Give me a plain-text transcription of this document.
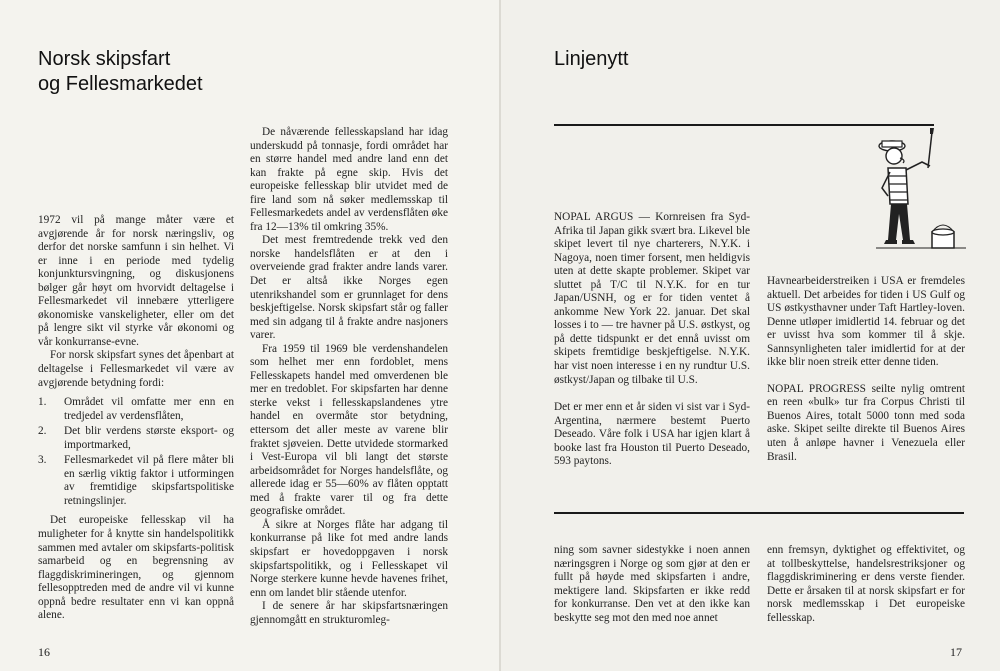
Norsk skipsfart
og Fellesmarkedet

1972 vil på mange måter være et avgjørende år for norsk næringsliv, og derfor det norske samfunn i sin helhet. Vi er inne i en periode med tydelig konjunktursvingning, og diskusjonens bølger går høyt om hvorvidt deltagelse i Fellesmarkedet vil innebære ytterligere økonomiske vanskeligheter, eller om det på lengre sikt vil styrke vår økonomi og vår konkurranse-evne.

For norsk skipsfart synes det åpenbart at deltagelse i Fellesmarkedet vil være av avgjørende betydning fordi:

1. Området vil omfatte mer enn en tredjedel av verdensflåten,
2. Det blir verdens største eksport- og importmarked,
3. Fellesmarkedet vil på flere måter bli en særlig viktig faktor i utformingen av fremtidige skipsfartspolitiske retningslinjer.

Det europeiske fellesskap vil ha muligheter for å knytte sin handelspolitikk sammen med avtaler om skipsfarts-politisk samarbeid og en begrensning av flaggdiskrimineringen, og gjennom fellesopptreden med de andre vil vi kunne oppnå bedre resultater enn vi kan oppnå alene.

De nåværende fellesskapsland har idag underskudd på tonnasje, fordi området har en større handel med andre land enn det kan frakte på egne skip. Hvis det europeiske fellesskap blir utvidet med de fire land som nå søker medlemsskap til Fellesmarkedets andel av verdensflåten øke fra 12—13% til omkring 35%.

Det mest fremtredende trekk ved den norske handelsflåten er at den i overveiende grad frakter andre lands varer. Det er altså ikke Norges egen utenrikshandel som er grunnlaget for dens beskjeftigelse. Norsk skipsfart står og faller med sin adgang til å frakte andre nasjoners varer.

Fra 1959 til 1969 ble verdenshandelen som helhet mer enn fordoblet, mens Fellesskapets handel med omverdenen ble mer en tredoblet. For skipsfarten har denne sterke vekst i fellesskapslandenes ytre handel en overmåte stor betydning, ettersom det aller meste av varene blir fraktet sjøveien. Dette utvidede stormarked i Vest-Europa vil bli langt det største arbeidsområdet for Norges handelsflåte, og allerede idag er 55—60% av flåten opptatt med å frakte varer til og fra dette geografiske området.

Å sikre at Norges flåte har adgang til konkurranse på like fot med andre lands skipsfart er hovedoppgaven i norsk skipsfartspolitikk, og i Fellesskapet vil Norge sterkere kunne hevde havenes frihet, enn om landet blir stående utenfor.

I de senere år har skipsfartsnæringen gjennomgått en strukturomleg-

16
Linjenytt

NOPAL ARGUS — Kornreisen fra Syd-Afrika til Japan gikk svært bra. Likevel ble skipet levert til nye charterers, N.Y.K. i Nagoya, noen timer forsent, men heldigvis uten at dette skapte problemer. Skipet var sluttet på T/C til N.Y.K. for en tur Japan/USNH, og er for tiden ventet å ankomme New York 22. januar. Det skal losses i to — tre havner på U.S. østkyst, og på dette tidspunkt er det ennå uvisst om skipets fremtidige beskjeftigelse. N.Y.K. har vist noen interesse i en ny rundtur U.S. østkyst/Japan og tilbake til U.S.

Det er mer enn et år siden vi sist var i Syd-Argentina, nærmere bestemt Puerto Deseado. Våre folk i USA har igjen klart å booke last fra Houston til Puerto Deseado, 593 paytons.

Havnearbeiderstreiken i USA er fremdeles aktuell. Det arbeides for tiden i US Gulf og US østkysthavner under Taft Hartley-loven. Denne utløper imidlertid 14. februar og det er uvisst hva som kommer til å skje. Sannsynligheten taler imidlertid for at der ikke blir noen streik etter denne tiden.

NOPAL PROGRESS seilte nylig omtrent en reen «bulk» tur fra Corpus Christi til Buenos Aires, totalt 5000 tonn med soda aske. Skipet seilte direkte til Buenos Aires uten å anløpe havner i Venezuela eller Brasil.

ning som savner sidestykke i noen annen næringsgren i Norge og som gjør at den er fullt på høyde med skipsfarten i andre, mektigere land. Skipsfarten er ikke redd for konkurranse. Den vet at den ikke kan beskytte seg mot den med noe annet

enn fremsyn, dyktighet og effektivitet, og at tollbeskyttelse, handelsrestriksjoner og flaggdiskriminering er dens verste fiender. Dette er årsaken til at norsk skipsfart er for norsk medlemsskap i Det europeiske fellesskap.

17
